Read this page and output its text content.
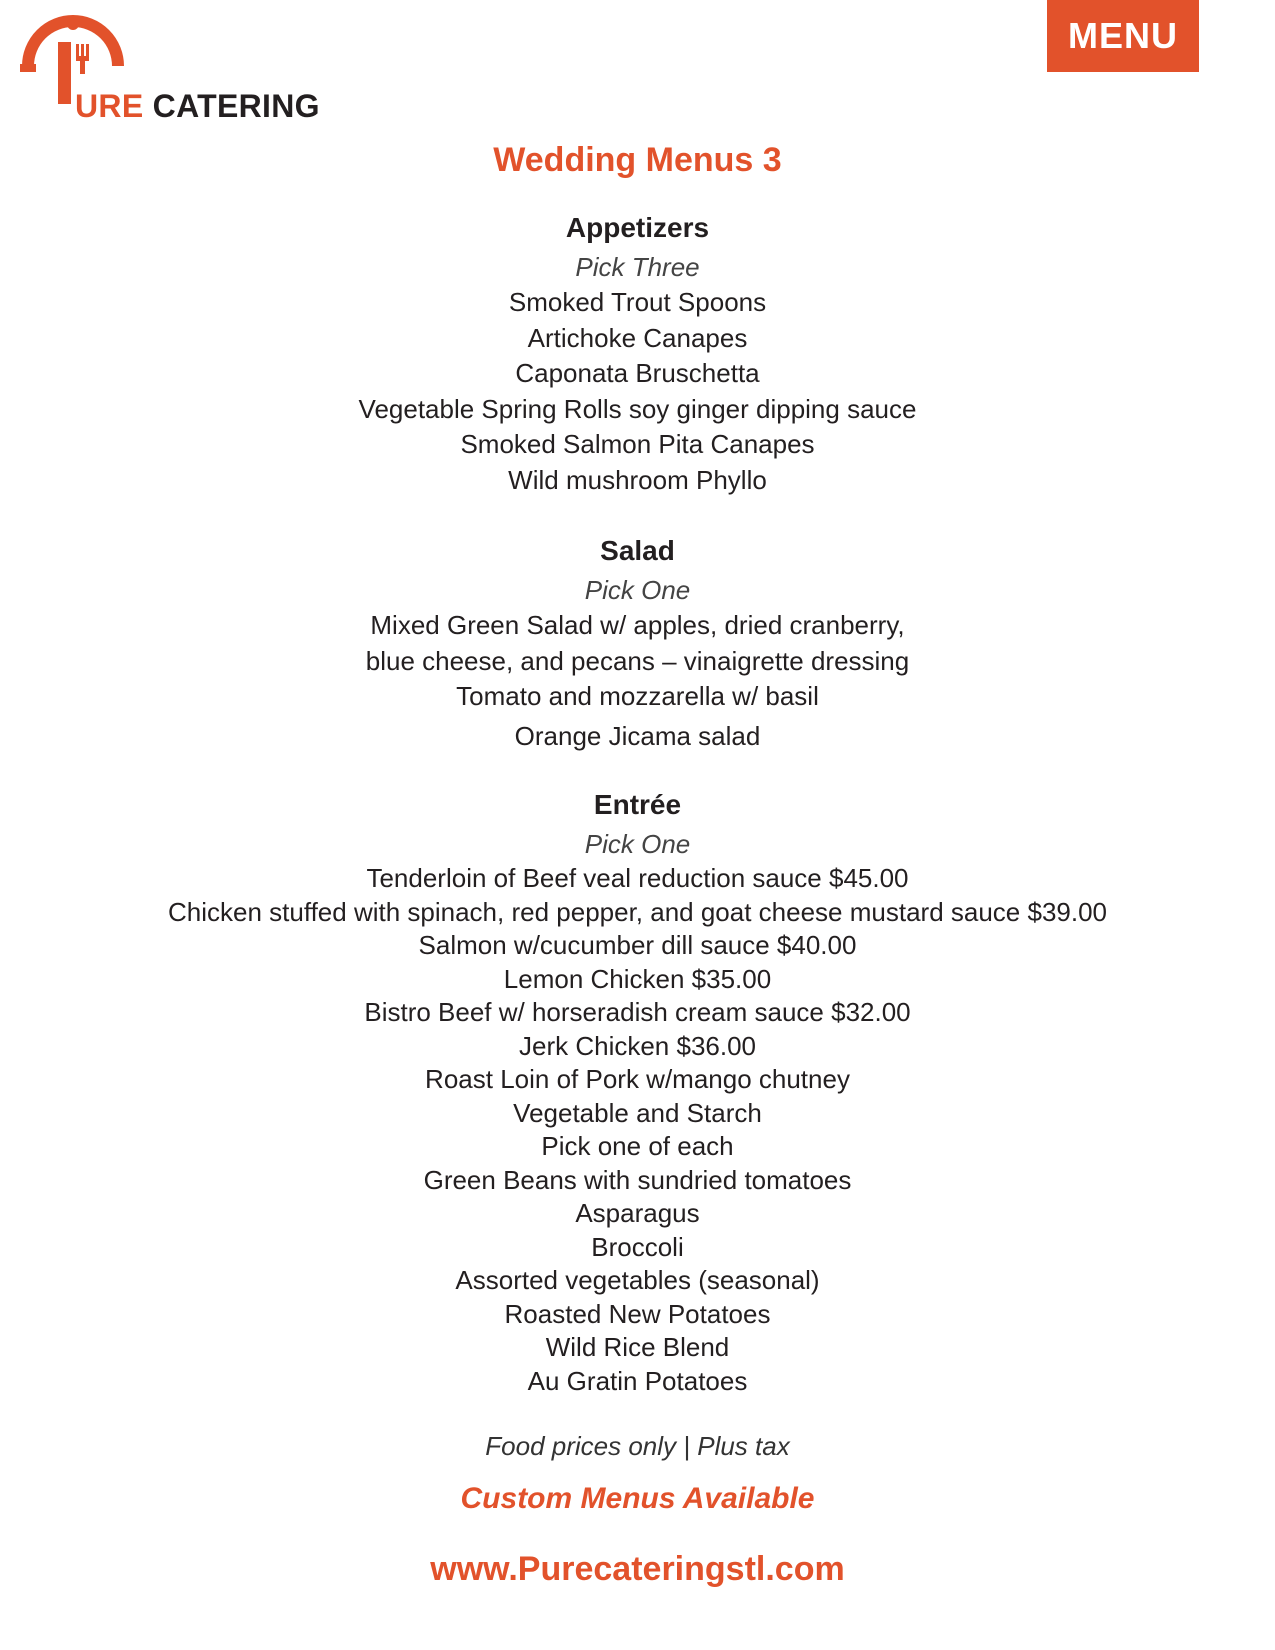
URE CATERING
MENU
Wedding Menus 3
Appetizers
Pick Three
Smoked Trout Spoons
Artichoke Canapes
Caponata Bruschetta
Vegetable Spring Rolls soy ginger dipping sauce
Smoked Salmon Pita Canapes
Wild mushroom Phyllo
Salad
Pick One
Mixed Green Salad w/ apples, dried cranberry,
blue cheese, and pecans – vinaigrette dressing
Tomato and mozzarella w/ basil
Orange Jicama salad
Entrée
Pick One
Tenderloin of Beef veal reduction sauce $45.00
Chicken stuffed with spinach, red pepper, and goat cheese mustard sauce $39.00
Salmon w/cucumber dill sauce $40.00
Lemon Chicken $35.00
Bistro Beef w/ horseradish cream sauce $32.00
Jerk Chicken $36.00
Roast Loin of Pork w/mango chutney
Vegetable and Starch
Pick one of each
Green Beans with sundried tomatoes
Asparagus
Broccoli
Assorted vegetables (seasonal)
Roasted New Potatoes
Wild Rice Blend
Au Gratin Potatoes
Food prices only | Plus tax
Custom Menus Available
www.Purecateringstl.com
